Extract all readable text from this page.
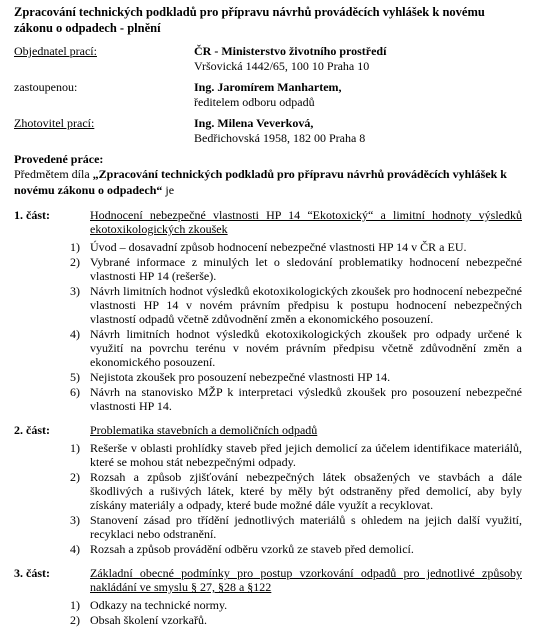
Zpracování technických podkladů pro přípravu návrhů prováděcích vyhlášek k novému zákonu o odpadech - plnění
Objednatel prací:	ČR - Ministerstvo životního prostředí
Vršovická 1442/65, 100 10 Praha 10
zastoupenou:	Ing. Jaromírem Manhartem,
ředitelem odboru odpadů
Zhotovitel prací:	Ing. Milena Veverková,
Bedřichovská 1958, 182 00 Praha 8
Provedené práce:
Předmětem díla „Zpracování technických podkladů pro přípravu návrhů prováděcích vyhlášek k novému zákonu o odpadech“ je
1. část:	Hodnocení nebezpečné vlastnosti HP 14 “Ekotoxický“ a limitní hodnoty výsledků ekotoxikologických zkoušek
1) Úvod – dosavadní způsob hodnocení nebezpečné vlastnosti HP 14 v ČR a EU.
2) Vybrané informace z minulých let o sledování problematiky hodnocení nebezpečné vlastnosti HP 14 (rešerše).
3) Návrh limitních hodnot výsledků ekotoxikologických zkoušek pro hodnocení nebezpečné vlastnosti HP 14 v novém právním předpisu k postupu hodnocení nebezpečných vlastností odpadů včetně zdůvodnění změn a ekonomického posouzení.
4) Návrh limitních hodnot výsledků ekotoxikologických zkoušek pro odpady určené k využití na povrchu terénu v novém právním předpisu včetně zdůvodnění změn a ekonomického posouzení.
5) Nejistota zkoušek pro posouzení nebezpečné vlastnosti HP 14.
6) Návrh na stanovisko MŽP k interpretaci výsledků zkoušek pro posouzení nebezpečné vlastnosti HP 14.
2. část:	Problematika stavebních a demoličních odpadů
1) Rešerše v oblasti prohlídky staveb před jejich demolicí za účelem identifikace materiálů, které se mohou stát nebezpečnými odpady.
2) Rozsah a způsob zjišťování nebezpečných látek obsažených ve stavbách a dále škodlivých a rušivých látek, které by měly být odstraněny před demolicí, aby byly získány materiály a odpady, které bude možné dále využít a recyklovat.
3) Stanovení zásad pro třídění jednotlivých materiálů s ohledem na jejich další využití, recyklaci nebo odstranění.
4) Rozsah a způsob provádění odběru vzorků ze staveb před demolicí.
3. část:	Základní obecné podmínky pro postup vzorkování odpadů pro jednotlivé způsoby nakládání ve smyslu § 27, §28 a §122
1) Odkazy na technické normy.
2) Obsah školení vzorkařů.
